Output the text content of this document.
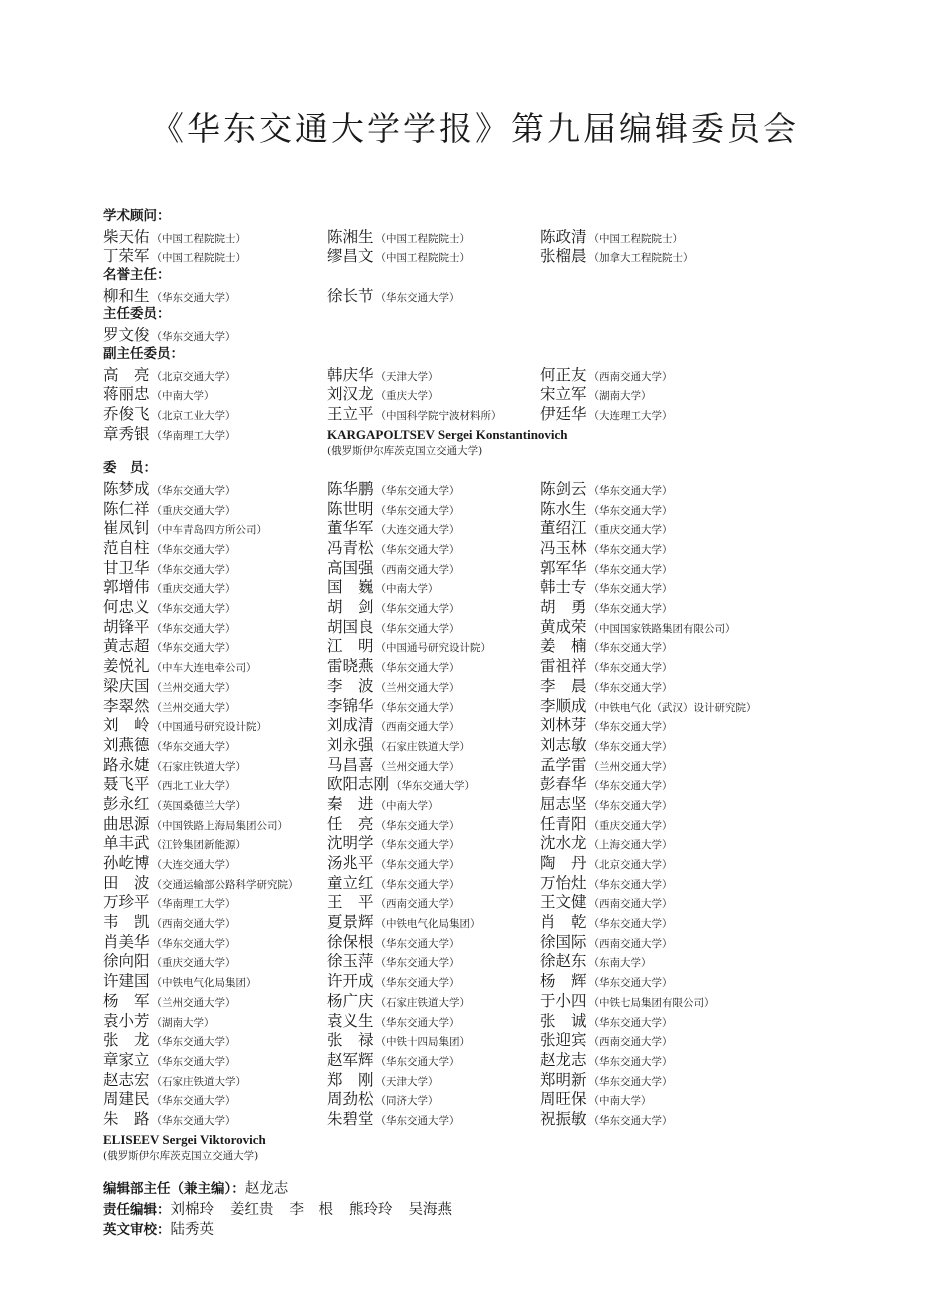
《华东交通大学学报》第九届编辑委员会
学术顾问：
柴天佑 （中国工程院院士）	陈湘生 （中国工程院院士）	陈政清 （中国工程院院士）
丁荣军 （中国工程院院士）	缪昌文 （中国工程院院士）	张榴晨 （加拿大工程院院士）
名誉主任：
柳和生 （华东交通大学）	徐长节 （华东交通大学）
主任委员：
罗文俊 （华东交通大学）
副主任委员：
高　亮 （北京交通大学）	韩庆华 （天津大学）	何正友 （西南交通大学）
蒋丽忠 （中南大学）	刘汉龙 （重庆大学）	宋立军 （湖南大学）
乔俊飞 （北京工业大学）	王立平 （中国科学院宁波材料所） 伊廷华 （大连理工大学）
章秀银 （华南理工大学）	KARGAPOLTSEV Sergei Konstantinovich
(俄罗斯伊尔库茨克国立交通大学)
委　员：
陈梦成 （华东交通大学）	陈华鹏 （华东交通大学）	陈剑云 （华东交通大学）
陈仁祥 （重庆交通大学）	陈世明 （华东交通大学）	陈水生 （华东交通大学）
崔凤钊 （中车青岛四方所公司）	董华军 （大连交通大学）	董绍江 （重庆交通大学）
范自柱 （华东交通大学）	冯青松 （华东交通大学）	冯玉林 （华东交通大学）
甘卫华 （华东交通大学）	高国强 （西南交通大学）	郭军华 （华东交通大学）
郭增伟 （重庆交通大学）	国　巍 （中南大学）	韩士专 （华东交通大学）
何忠义 （华东交通大学）	胡　剑 （华东交通大学）	胡　勇 （华东交通大学）
胡锋平 （华东交通大学）	胡国良 （华东交通大学）	黄成荣 （中国国家铁路集团有限公司）
黄志超 （华东交通大学）	江　明 （中国通号研究设计院）	姜　楠 （华东交通大学）
姜悦礼 （中车大连电牵公司）	雷晓燕 （华东交通大学）	雷祖祥 （华东交通大学）
梁庆国 （兰州交通大学）	李　波 （兰州交通大学）	李　晨 （华东交通大学）
李翠然 （兰州交通大学）	李锦华 （华东交通大学）	李顺成 （中铁电气化（武汉）设计研究院）
刘　岭 （中国通号研究设计院）	刘成清 （西南交通大学）	刘林芽 （华东交通大学）
刘燕德 （华东交通大学）	刘永强 （石家庄铁道大学）	刘志敏 （华东交通大学）
路永婕 （石家庄铁道大学）	马昌喜 （兰州交通大学）	孟学雷 （兰州交通大学）
聂飞平 （西北工业大学）	欧阳志刚 （华东交通大学）	彭春华 （华东交通大学）
彭永红 （英国桑德兰大学）	秦　进 （中南大学）	屈志坚 （华东交通大学）
曲思源 （中国铁路上海局集团公司）	任　亮 （华东交通大学）	任青阳 （重庆交通大学）
单丰武 （江铃集团新能源）	沈明学 （华东交通大学）	沈水龙 （上海交通大学）
孙屹博 （大连交通大学）	汤兆平 （华东交通大学）	陶　丹 （北京交通大学）
田　波 （交通运输部公路科学研究院） 童立红 （华东交通大学）	万怡灶 （华东交通大学）
万珍平 （华南理工大学）	王　平 （西南交通大学）	王文健 （西南交通大学）
韦　凯 （西南交通大学）	夏景辉 （中铁电气化局集团）	肖　乾 （华东交通大学）
肖美华 （华东交通大学）	徐保根 （华东交通大学）	徐国际 （西南交通大学）
徐向阳 （重庆交通大学）	徐玉萍 （华东交通大学）	徐赵东 （东南大学）
许建国 （中铁电气化局集团）	许开成 （华东交通大学）	杨　辉 （华东交通大学）
杨　军 （兰州交通大学）	杨广庆 （石家庄铁道大学）	于小四 （中铁七局集团有限公司）
袁小芳 （湖南大学）	袁义生 （华东交通大学）	张　诚 （华东交通大学）
张　龙 （华东交通大学）	张　禄 （中铁十四局集团）	张迎宾 （西南交通大学）
章家立 （华东交通大学）	赵军辉 （华东交通大学）	赵龙志 （华东交通大学）
赵志宏 （石家庄铁道大学）	郑　刚 （天津大学）	郑明新 （华东交通大学）
周建民 （华东交通大学）	周劲松 （同济大学）	周旺保 （中南大学）
朱　路 （华东交通大学）	朱碧堂 （华东交通大学）	祝振敏 （华东交通大学）
ELISEEV Sergei Viktorovich
(俄罗斯伊尔库茨克国立交通大学)
编辑部主任（兼主编）：赵龙志
责任编辑：刘棉玲 姜红贵 李　根 熊玲玲 吴海燕
英文审校：陆秀英
